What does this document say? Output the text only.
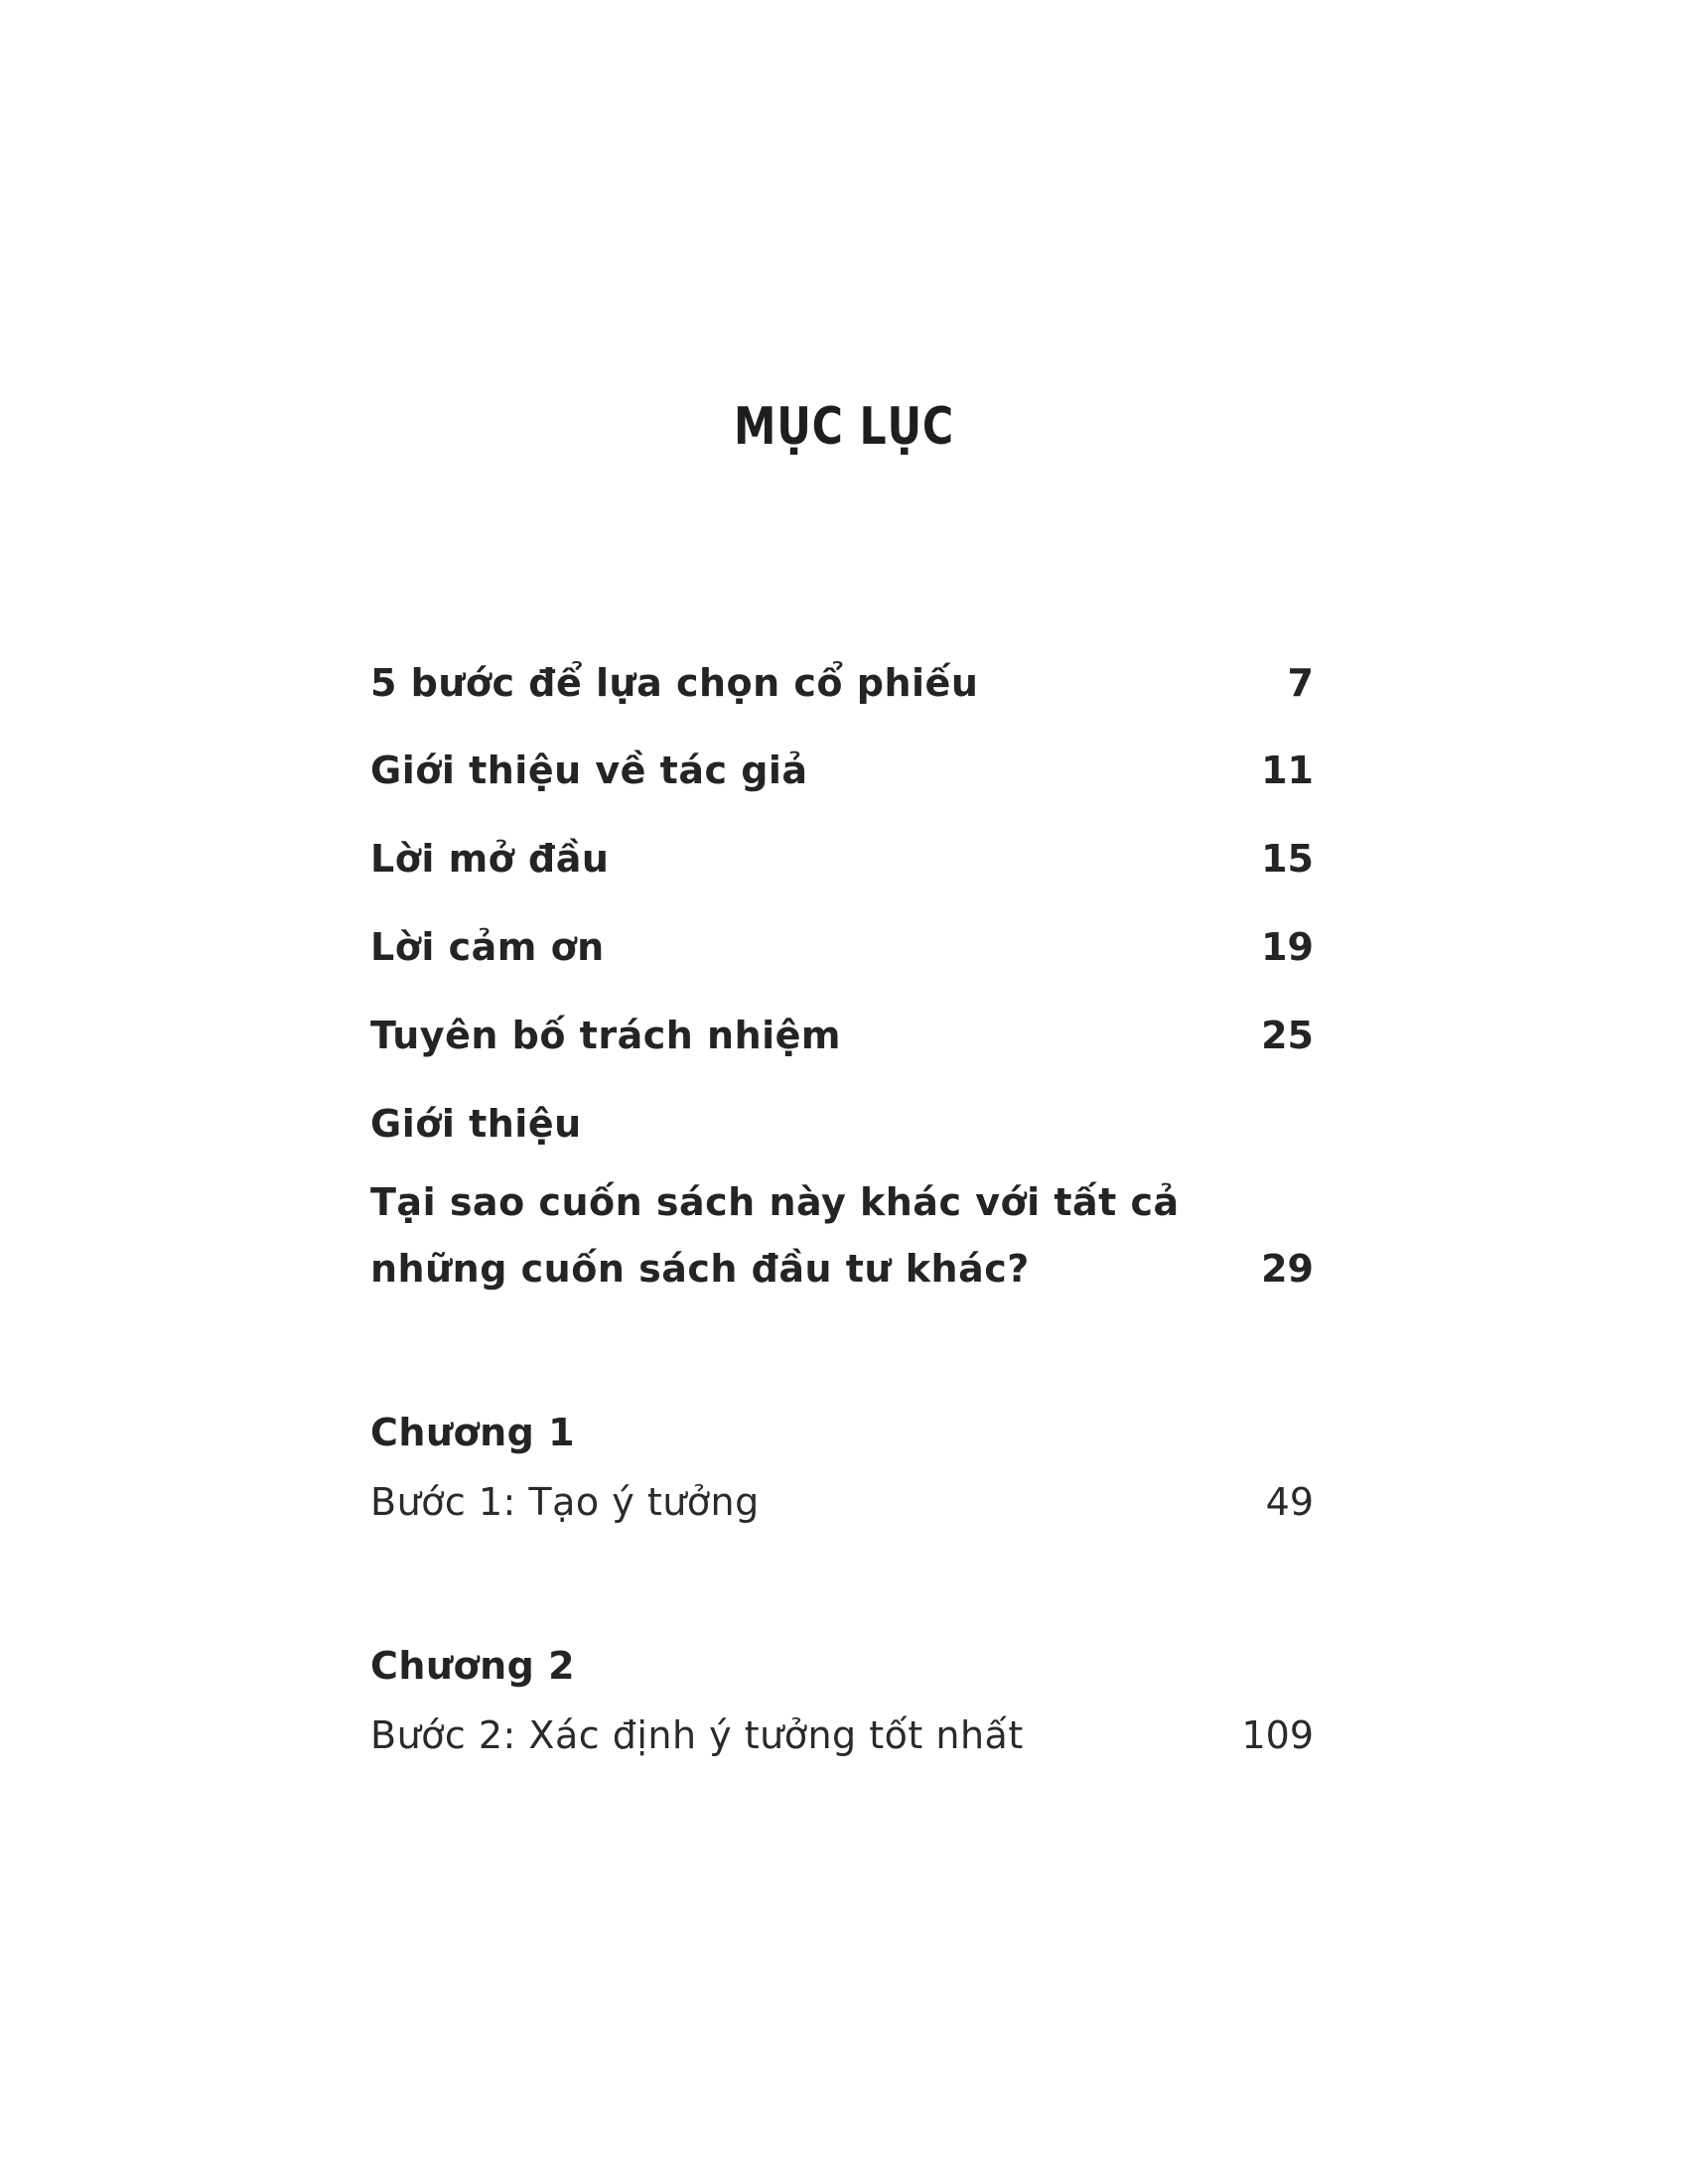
MỤC LỤC
5 bước để lựa chọn cổ phiếu	7
Giới thiệu về tác giả	11
Lời mở đầu	15
Lời cảm ơn	19
Tuyên bố trách nhiệm	25
Giới thiệu
Tại sao cuốn sách này khác với tất cả
những cuốn sách đầu tư khác?	29
Chương 1
Bước 1: Tạo ý tưởng	49
Chương 2
Bước 2: Xác định ý tưởng tốt nhất	109
